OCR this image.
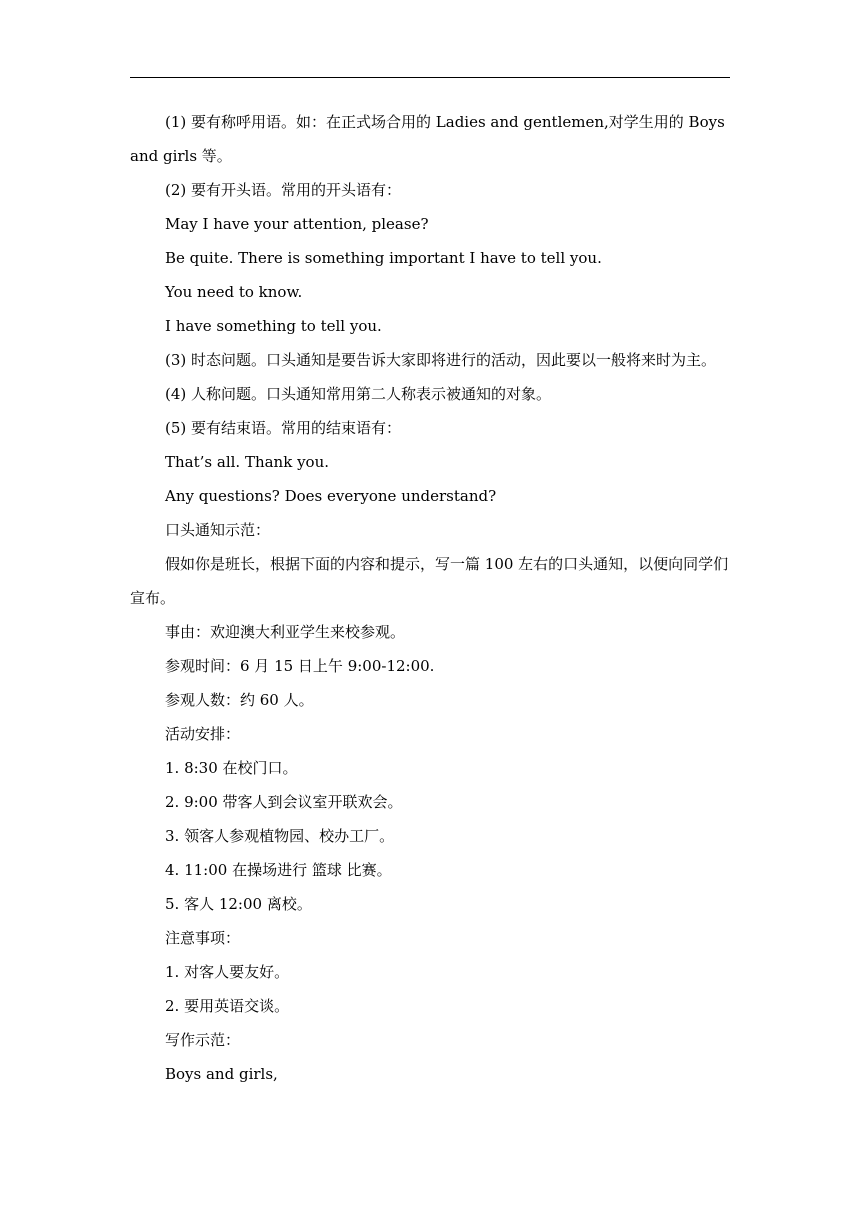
(1) 要有称呼用语。如：在正式场合用的 Ladies and gentlemen,对学生用的 Boys and girls 等。

(2) 要有开头语。常用的开头语有：

May I have your attention, please?

Be quite. There is something important I have to tell you.

You need to know.

I have something to tell you.

(3) 时态问题。口头通知是要告诉大家即将进行的活动，因此要以一般将来时为主。

(4) 人称问题。口头通知常用第二人称表示被通知的对象。

(5) 要有结束语。常用的结束语有：

That’s all. Thank you.

Any questions? Does everyone understand?

口头通知示范：

假如你是班长，根据下面的内容和提示，写一篇 100 左右的口头通知，以便向同学们宣布。

事由：欢迎澳大利亚学生来校参观。

参观时间：6 月 15 日上午 9:00-12:00.

参观人数：约 60 人。

活动安排：

1. 8:30 在校门口。

2. 9:00 带客人到会议室开联欢会。

3. 领客人参观植物园、校办工厂。

4. 11:00 在操场进行 篮球 比赛。

5. 客人 12:00 离校。

注意事项：

1. 对客人要友好。

2. 要用英语交谈。

写作示范：

Boys and girls,
